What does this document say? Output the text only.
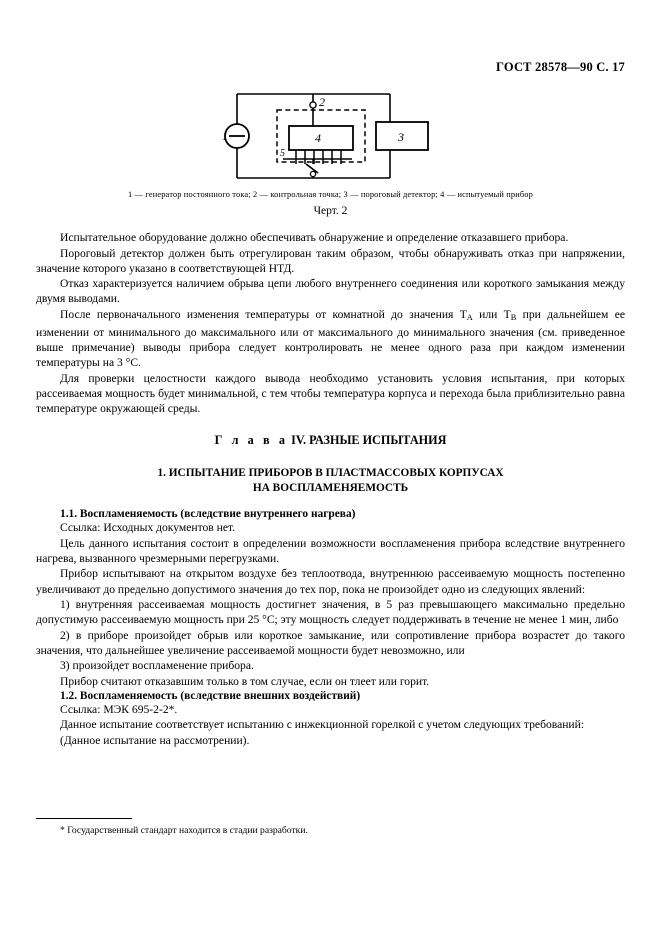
ГОСТ 28578—90 С. 17
1
2
3
4
5
1 — генератор постоянного тока; 2 — контрольная точка; 3 — пороговый детектор; 4 — испытуемый прибор
Черт. 2

Испытательное оборудование должно обеспечивать обнаружение и определение отказавшего прибора.

Пороговый детектор должен быть отрегулирован таким образом, чтобы обнаруживать отказ при напряжении, значение которого указано в соответствующей НТД.

Отказ характеризуется наличием обрыва цепи любого внутреннего соединения или короткого замыкания между двумя выводами.

После первоначального изменения температуры от комнатной до значения $T_A$ или $T_B$ при дальнейшем ее изменении от минимального до максимального или от максимального до минимального значения (см. приведенное выше примечание) выводы прибора следует контролировать не менее одного раза при каждом изменении температуры на 3 °С.

Для проверки целостности каждого вывода необходимо установить условия испытания, при которых рассеиваемая мощность будет минимальной, с тем чтобы температура корпуса и перехода была приблизительно равна температуре окружающей среды.

Г л а в а IV. РАЗНЫЕ ИСПЫТАНИЯ
1. ИСПЫТАНИЕ ПРИБОРОВ В ПЛАСТМАССОВЫХ КОРПУСАХ
НА ВОСПЛАМЕНЯЕМОСТЬ

1.1. Воспламеняемость (вследствие внутреннего нагрева)

Ссылка: Исходных документов нет.

Цель данного испытания состоит в определении возможности воспламенения прибора вследствие внутреннего нагрева, вызванного чрезмерными перегрузками.

Прибор испытывают на открытом воздухе без теплоотвода, внутреннюю рассеиваемую мощность постепенно увеличивают до предельно допустимого значения до тех пор, пока не произойдет одно из следующих явлений:

1) внутренняя рассеиваемая мощность достигнет значения, в 5 раз превышающего максимально предельно допустимую рассеиваемую мощность при 25 °С; эту мощность следует поддерживать в течение не менее 1 мин, либо

2) в приборе произойдет обрыв или короткое замыкание, или сопротивление прибора возрастет до такого значения, что дальнейшее увеличение рассеиваемой мощности будет невозможно, или

3) произойдет воспламенение прибора.

Прибор считают отказавшим только в том случае, если он тлеет или горит.

1.2. Воспламеняемость (вследствие внешних воздействий)

Ссылка: МЭК 695-2-2*.

Данное испытание соответствует испытанию с инжекционной горелкой с учетом следующих требований:

(Данное испытание на рассмотрении).

* Государственный стандарт находится в стадии разработки.
